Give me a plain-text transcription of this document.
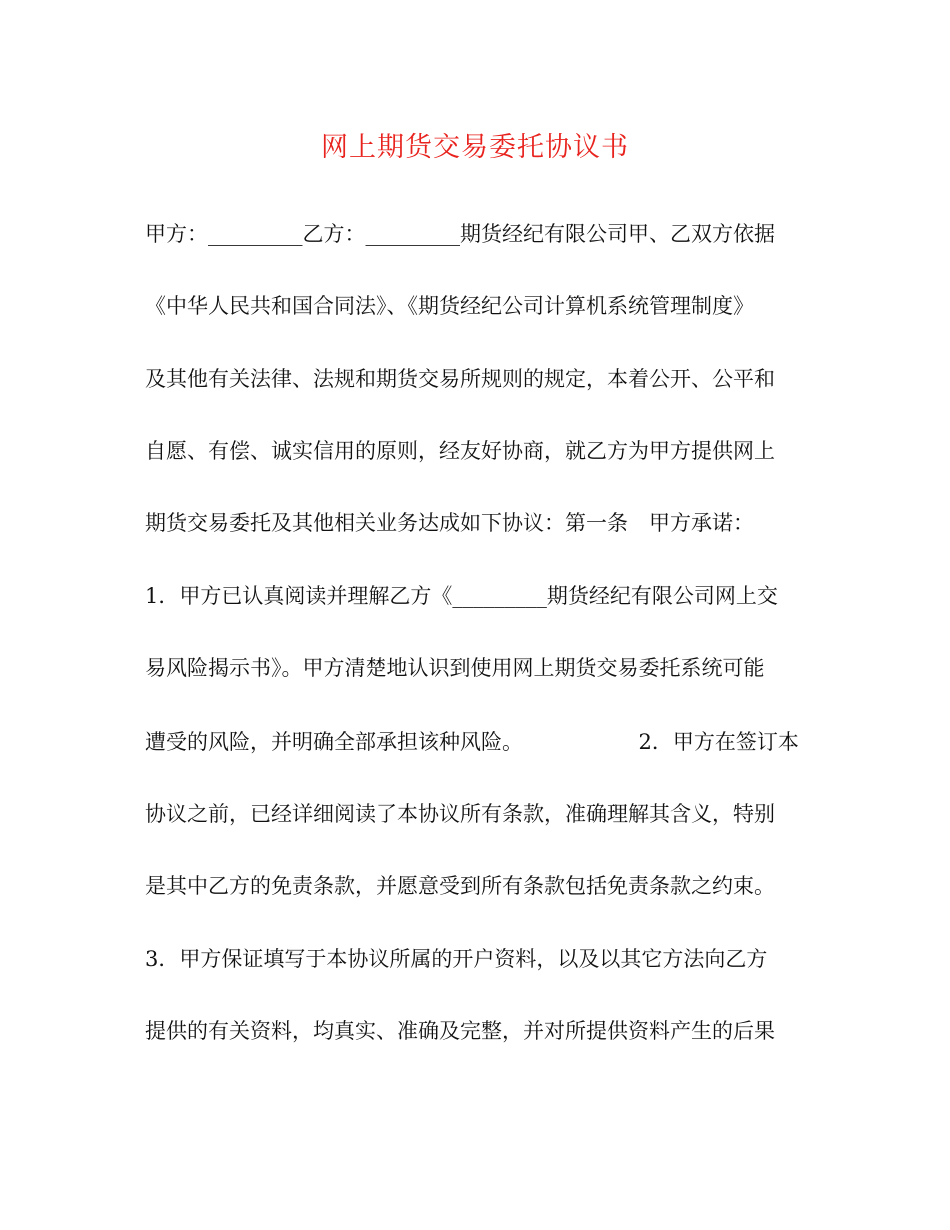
网上期货交易委托协议书
甲方：_________乙方：_________期货经纪有限公司甲、乙双方依据
《中华人民共和国合同法》、《期货经纪公司计算机系统管理制度》
及其他有关法律、法规和期货交易所规则的规定，本着公开、公平和
自愿、有偿、诚实信用的原则，经友好协商，就乙方为甲方提供网上
期货交易委托及其他相关业务达成如下协议：第一条　甲方承诺：
1．甲方已认真阅读并理解乙方《_________期货经纪有限公司网上交
易风险揭示书》。甲方清楚地认识到使用网上期货交易委托系统可能
遭受的风险，并明确全部承担该种风险。　　　　　　2．甲方在签订本
协议之前，已经详细阅读了本协议所有条款，准确理解其含义，特别
是其中乙方的免责条款，并愿意受到所有条款包括免责条款之约束。
3．甲方保证填写于本协议所属的开户资料，以及以其它方法向乙方
提供的有关资料，均真实、准确及完整，并对所提供资料产生的后果
